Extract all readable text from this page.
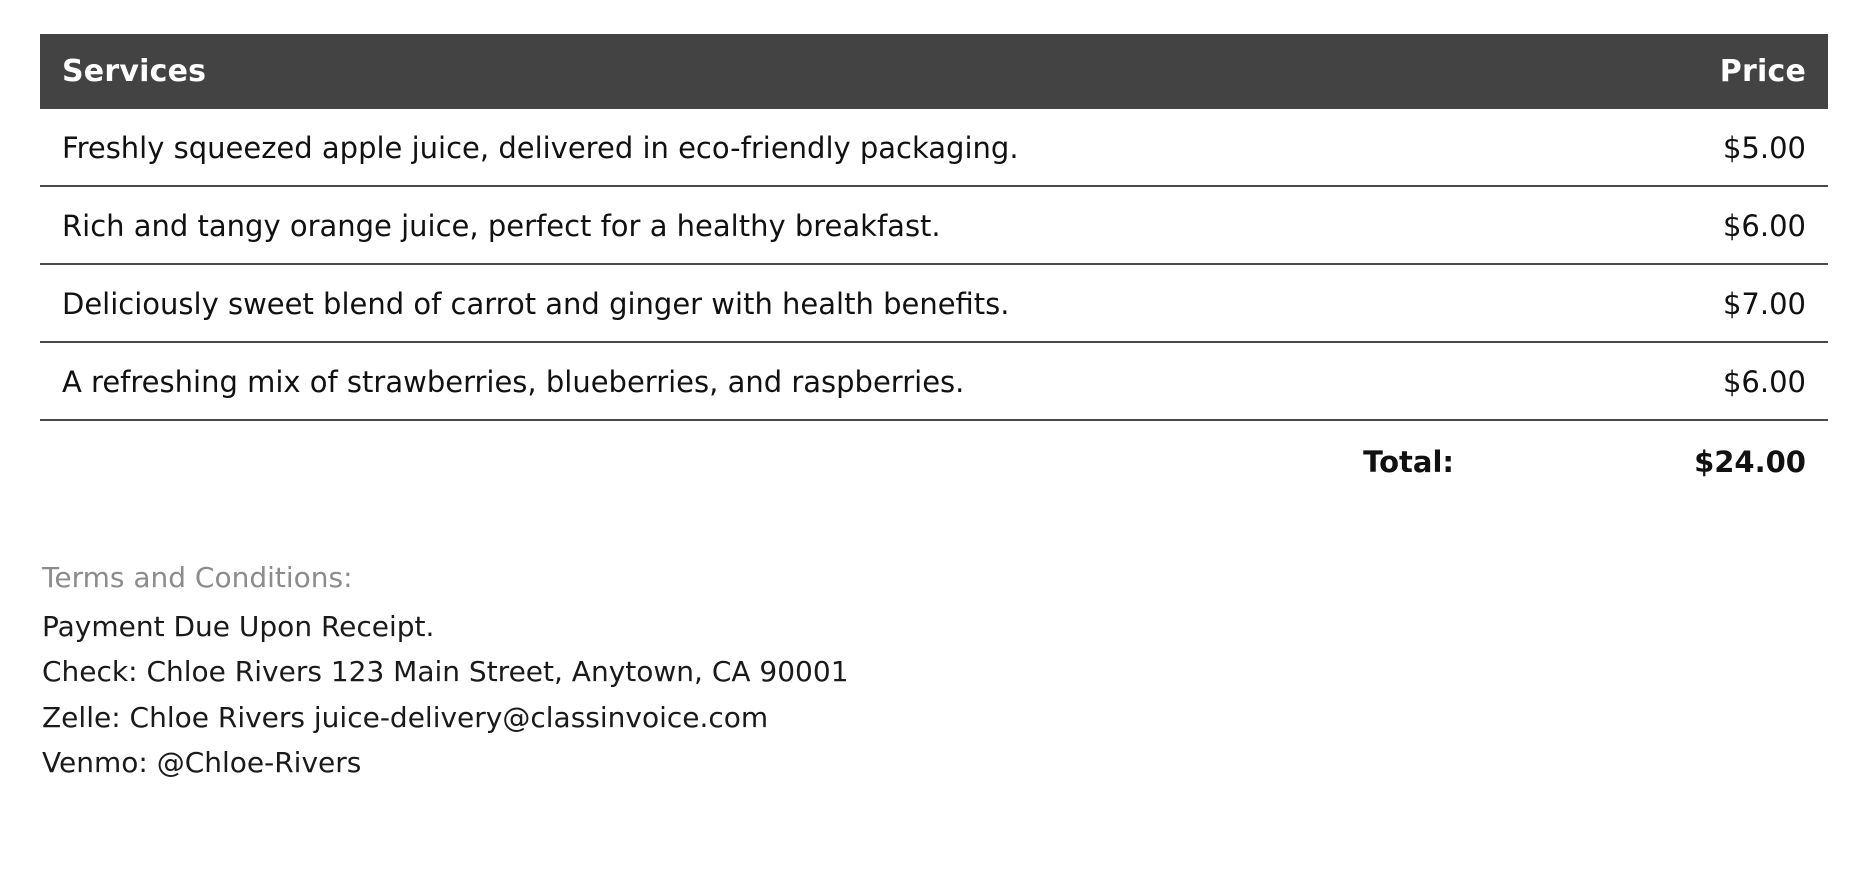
Services	Price
Freshly squeezed apple juice, delivered in eco-friendly packaging.	$5.00
Rich and tangy orange juice, perfect for a healthy breakfast.	$6.00
Deliciously sweet blend of carrot and ginger with health benefits.	$7.00
A refreshing mix of strawberries, blueberries, and raspberries.	$6.00
Total:	$24.00
Terms and Conditions:
Payment Due Upon Receipt.
Check: Chloe Rivers 123 Main Street, Anytown, CA 90001
Zelle: Chloe Rivers juice-delivery@classinvoice.com
Venmo: @Chloe-Rivers
